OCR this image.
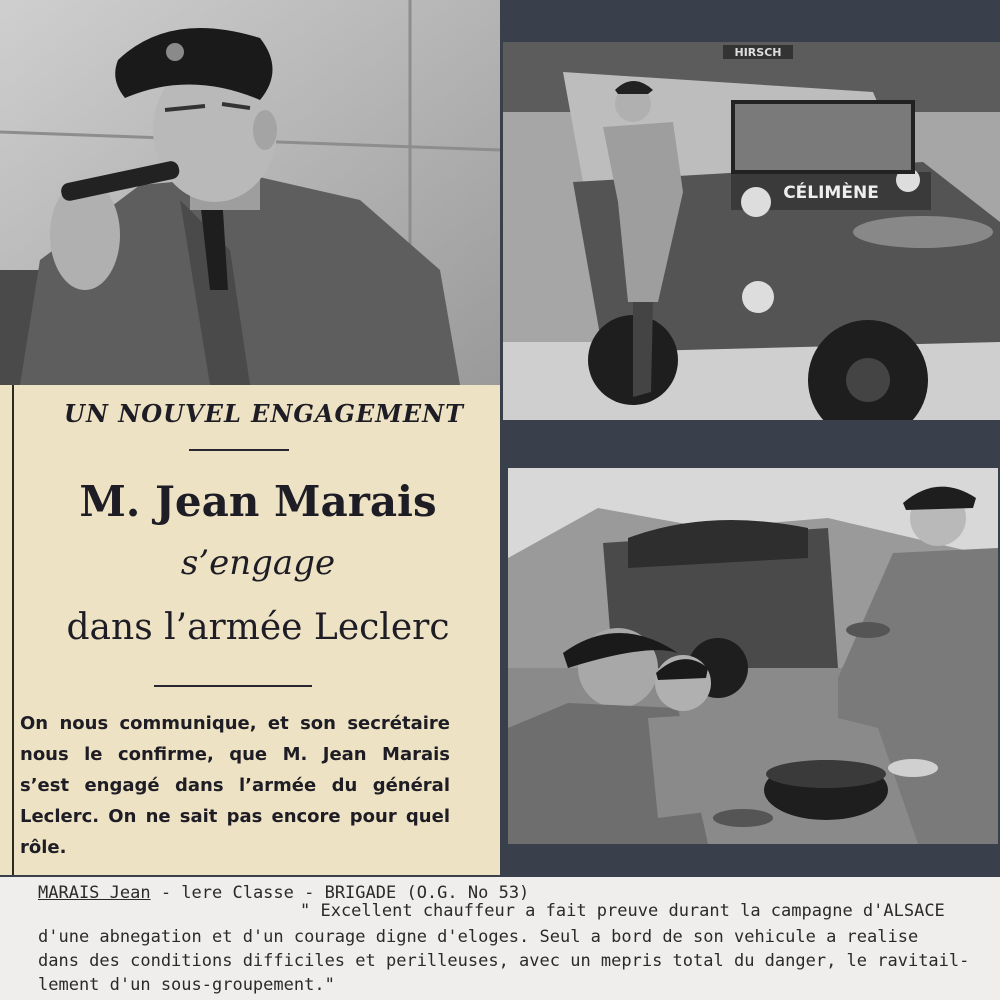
HIRSCH
CÉLIMÈNE
UN NOUVEL ENGAGEMENT
M. Jean Marais
s’engage
dans l’armée Leclerc
On nous communique, et son secrétaire nous le confirme, que M. Jean Marais s’est engagé dans l’armée du général Leclerc. On ne sait pas encore pour quel rôle.
MARAIS Jean - lere Classe - BRIGADE (O.G. No 53)
" Excellent chauffeur a fait preuve durant la campagne d'ALSACE
d'une abnegation et d'un courage digne d'eloges. Seul a bord de son vehicule a realise
dans des conditions difficiles et perilleuses, avec un mepris total du danger, le ravitail-
lement d'un sous-groupement."
